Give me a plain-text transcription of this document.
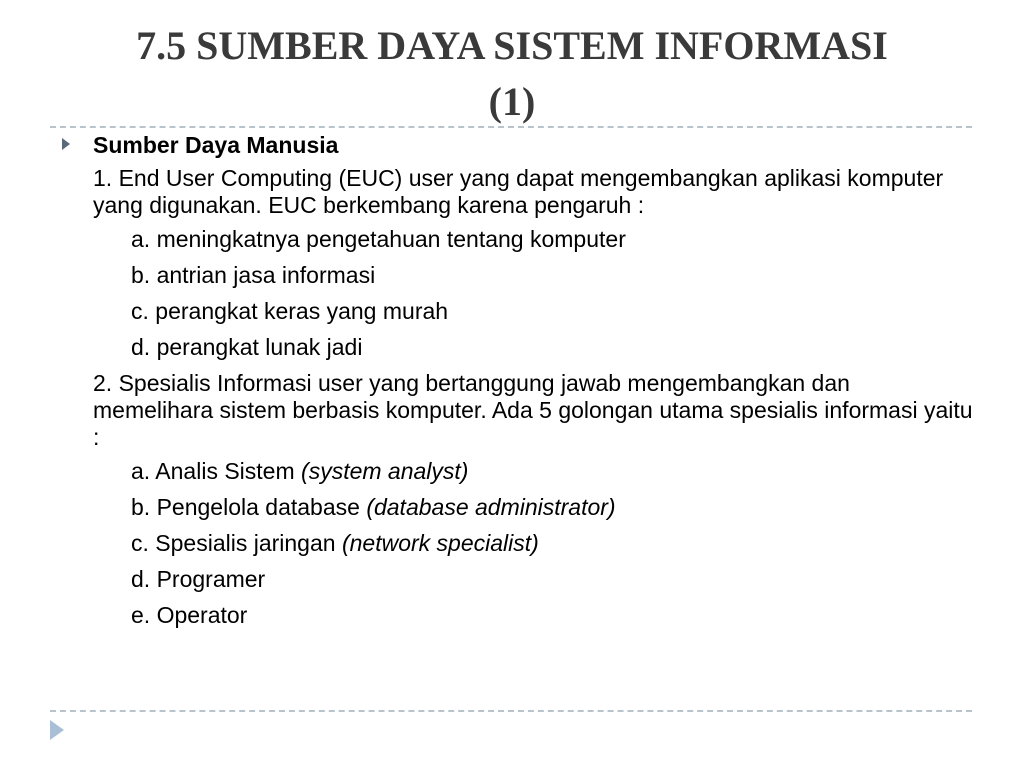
7.5 SUMBER DAYA SISTEM INFORMASI
(1)

Sumber Daya Manusia

1. End User Computing (EUC) user yang dapat mengembangkan aplikasi komputer yang digunakan. EUC berkembang karena pengaruh :

a. meningkatnya pengetahuan tentang komputer
b. antrian jasa informasi
c. perangkat keras yang murah
d. perangkat lunak jadi

2. Spesialis Informasi user yang bertanggung jawab mengembangkan dan memelihara sistem berbasis komputer. Ada 5 golongan utama spesialis informasi yaitu :

a. Analis Sistem (system analyst)
b. Pengelola database (database administrator)
c. Spesialis jaringan (network specialist)
d. Programer
e. Operator
